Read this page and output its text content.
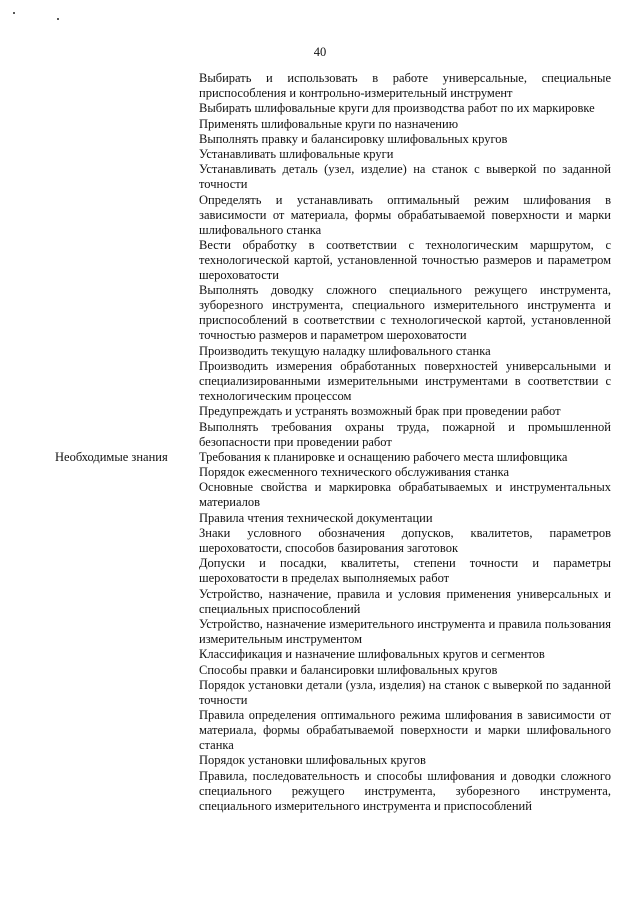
40
Выбирать и использовать в работе универсальные, специальные приспособления и контрольно-измерительный инструмент
Выбирать шлифовальные круги для производства работ по их маркировке
Применять шлифовальные круги по назначению
Выполнять правку и балансировку шлифовальных кругов
Устанавливать шлифовальные круги
Устанавливать деталь (узел, изделие) на станок с выверкой по заданной точности
Определять и устанавливать оптимальный режим шлифования в зависимости от материала, формы обрабатываемой поверхности и марки шлифовального станка
Вести обработку в соответствии с технологическим маршрутом, с технологической картой, установленной точностью размеров и параметром шероховатости
Выполнять доводку сложного специального режущего инструмента, зуборезного инструмента, специального измерительного инструмента и приспособлений в соответствии с технологической картой, установленной точностью размеров и параметром шероховатости
Производить текущую наладку шлифовального станка
Производить измерения обработанных поверхностей универсальными и специализированными измерительными инструментами в соответствии с технологическим процессом
Предупреждать и устранять возможный брак при проведении работ
Выполнять требования охраны труда, пожарной и промышленной безопасности при проведении работ
Требования к планировке и оснащению рабочего места шлифовщика
Порядок ежесменного технического обслуживания станка
Основные свойства и маркировка обрабатываемых и инструментальных материалов
Правила чтения технической документации
Знаки условного обозначения допусков, квалитетов, параметров шероховатости, способов базирования заготовок
Допуски и посадки, квалитеты, степени точности и параметры шероховатости в пределах выполняемых работ
Устройство, назначение, правила и условия применения универсальных и специальных приспособлений
Устройство, назначение измерительного инструмента и правила пользования измерительным инструментом
Классификация и назначение шлифовальных кругов и сегментов
Способы правки и балансировки шлифовальных кругов
Порядок установки детали (узла, изделия) на станок с выверкой по заданной точности
Правила определения оптимального режима шлифования в зависимости от материала, формы обрабатываемой поверхности и марки шлифовального станка
Порядок установки шлифовальных кругов
Правила, последовательность и способы шлифования и доводки сложного специального режущего инструмента, зуборезного инструмента, специального измерительного инструмента и приспособлений
Необходимые знания
